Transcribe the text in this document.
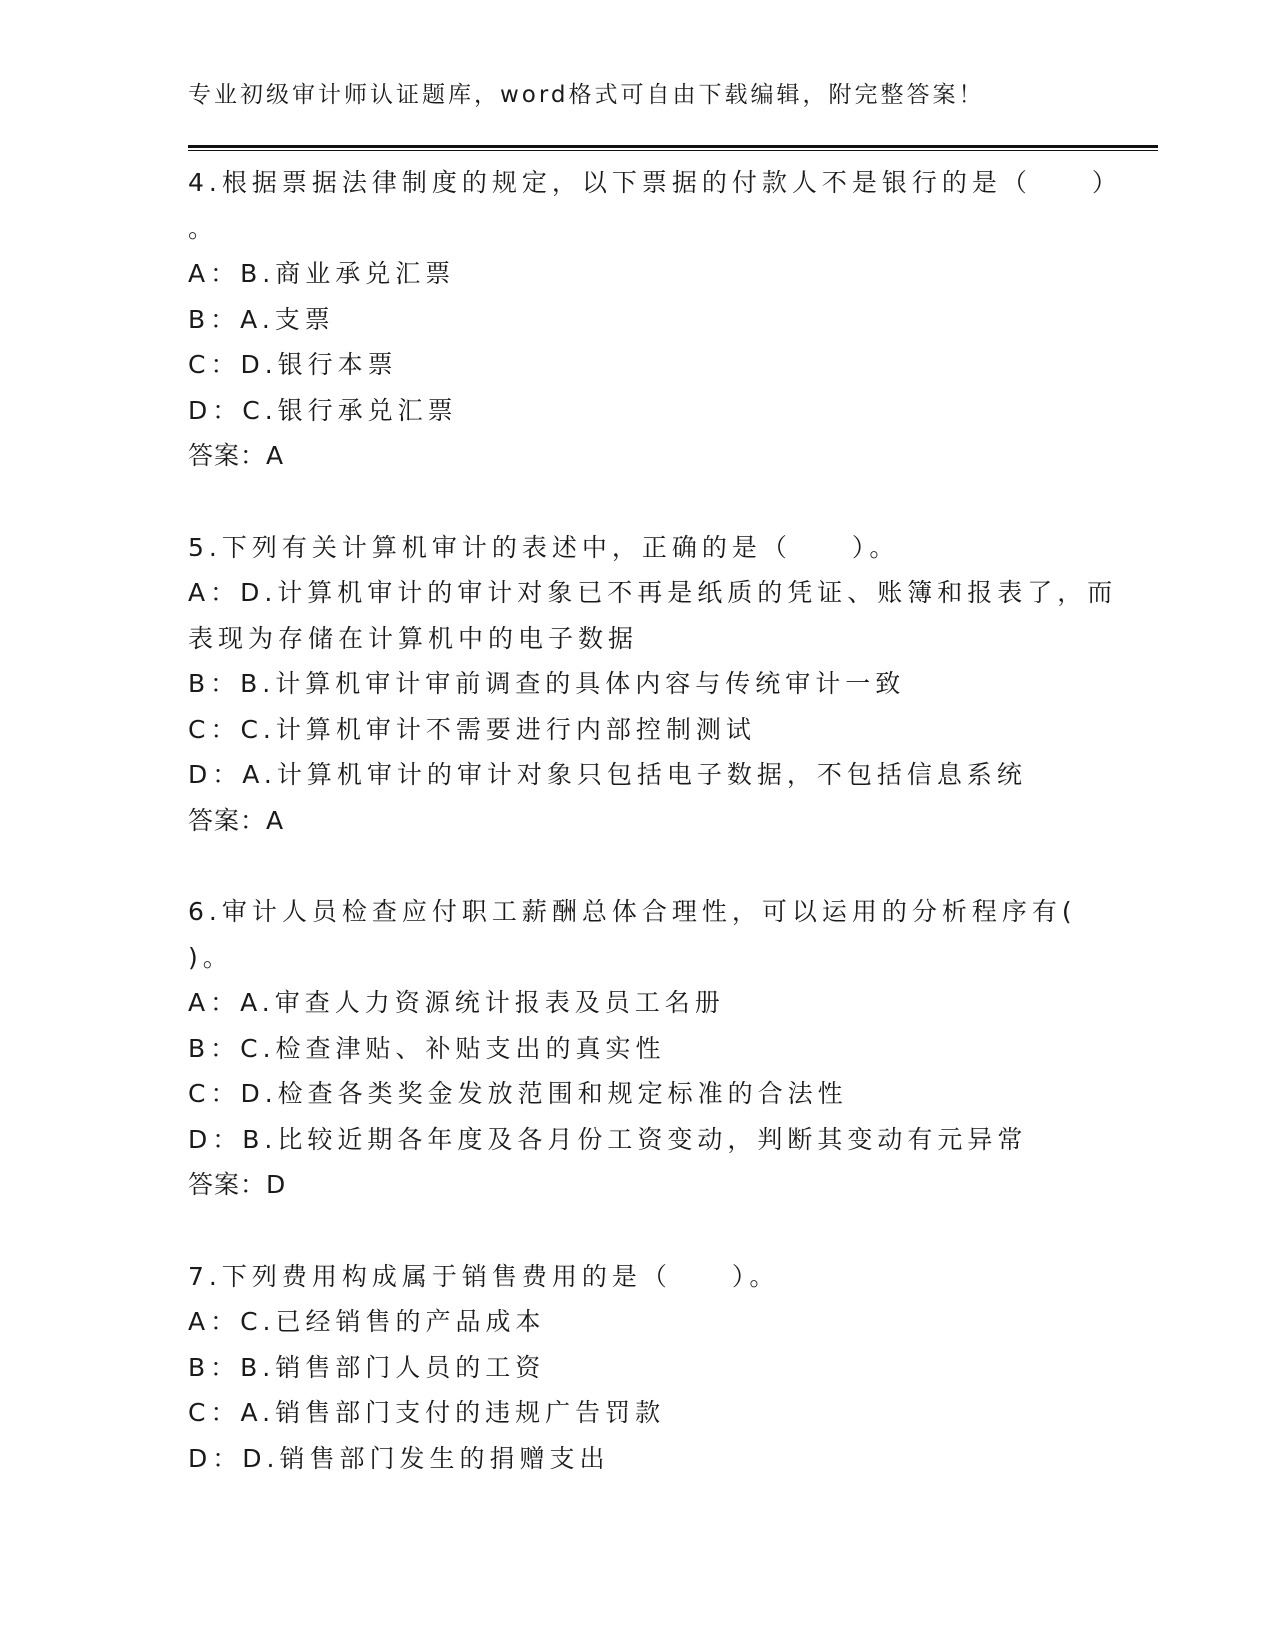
专业初级审计师认证题库，word格式可自由下载编辑，附完整答案！
4.根据票据法律制度的规定，以下票据的付款人不是银行的是（　　）
。
A：B.商业承兑汇票
B：A.支票
C：D.银行本票
D：C.银行承兑汇票
答案：A
5.下列有关计算机审计的表述中，正确的是（　　）。
A：D.计算机审计的审计对象已不再是纸质的凭证、账簿和报表了，而
表现为存储在计算机中的电子数据
B：B.计算机审计审前调查的具体内容与传统审计一致
C：C.计算机审计不需要进行内部控制测试
D：A.计算机审计的审计对象只包括电子数据，不包括信息系统
答案：A
6.审计人员检查应付职工薪酬总体合理性，可以运用的分析程序有(
)。
A：A.审查人力资源统计报表及员工名册
B：C.检查津贴、补贴支出的真实性
C：D.检查各类奖金发放范围和规定标准的合法性
D：B.比较近期各年度及各月份工资变动，判断其变动有元异常
答案：D
7.下列费用构成属于销售费用的是（　　）。
A：C.已经销售的产品成本
B：B.销售部门人员的工资
C：A.销售部门支付的违规广告罚款
D：D.销售部门发生的捐赠支出
